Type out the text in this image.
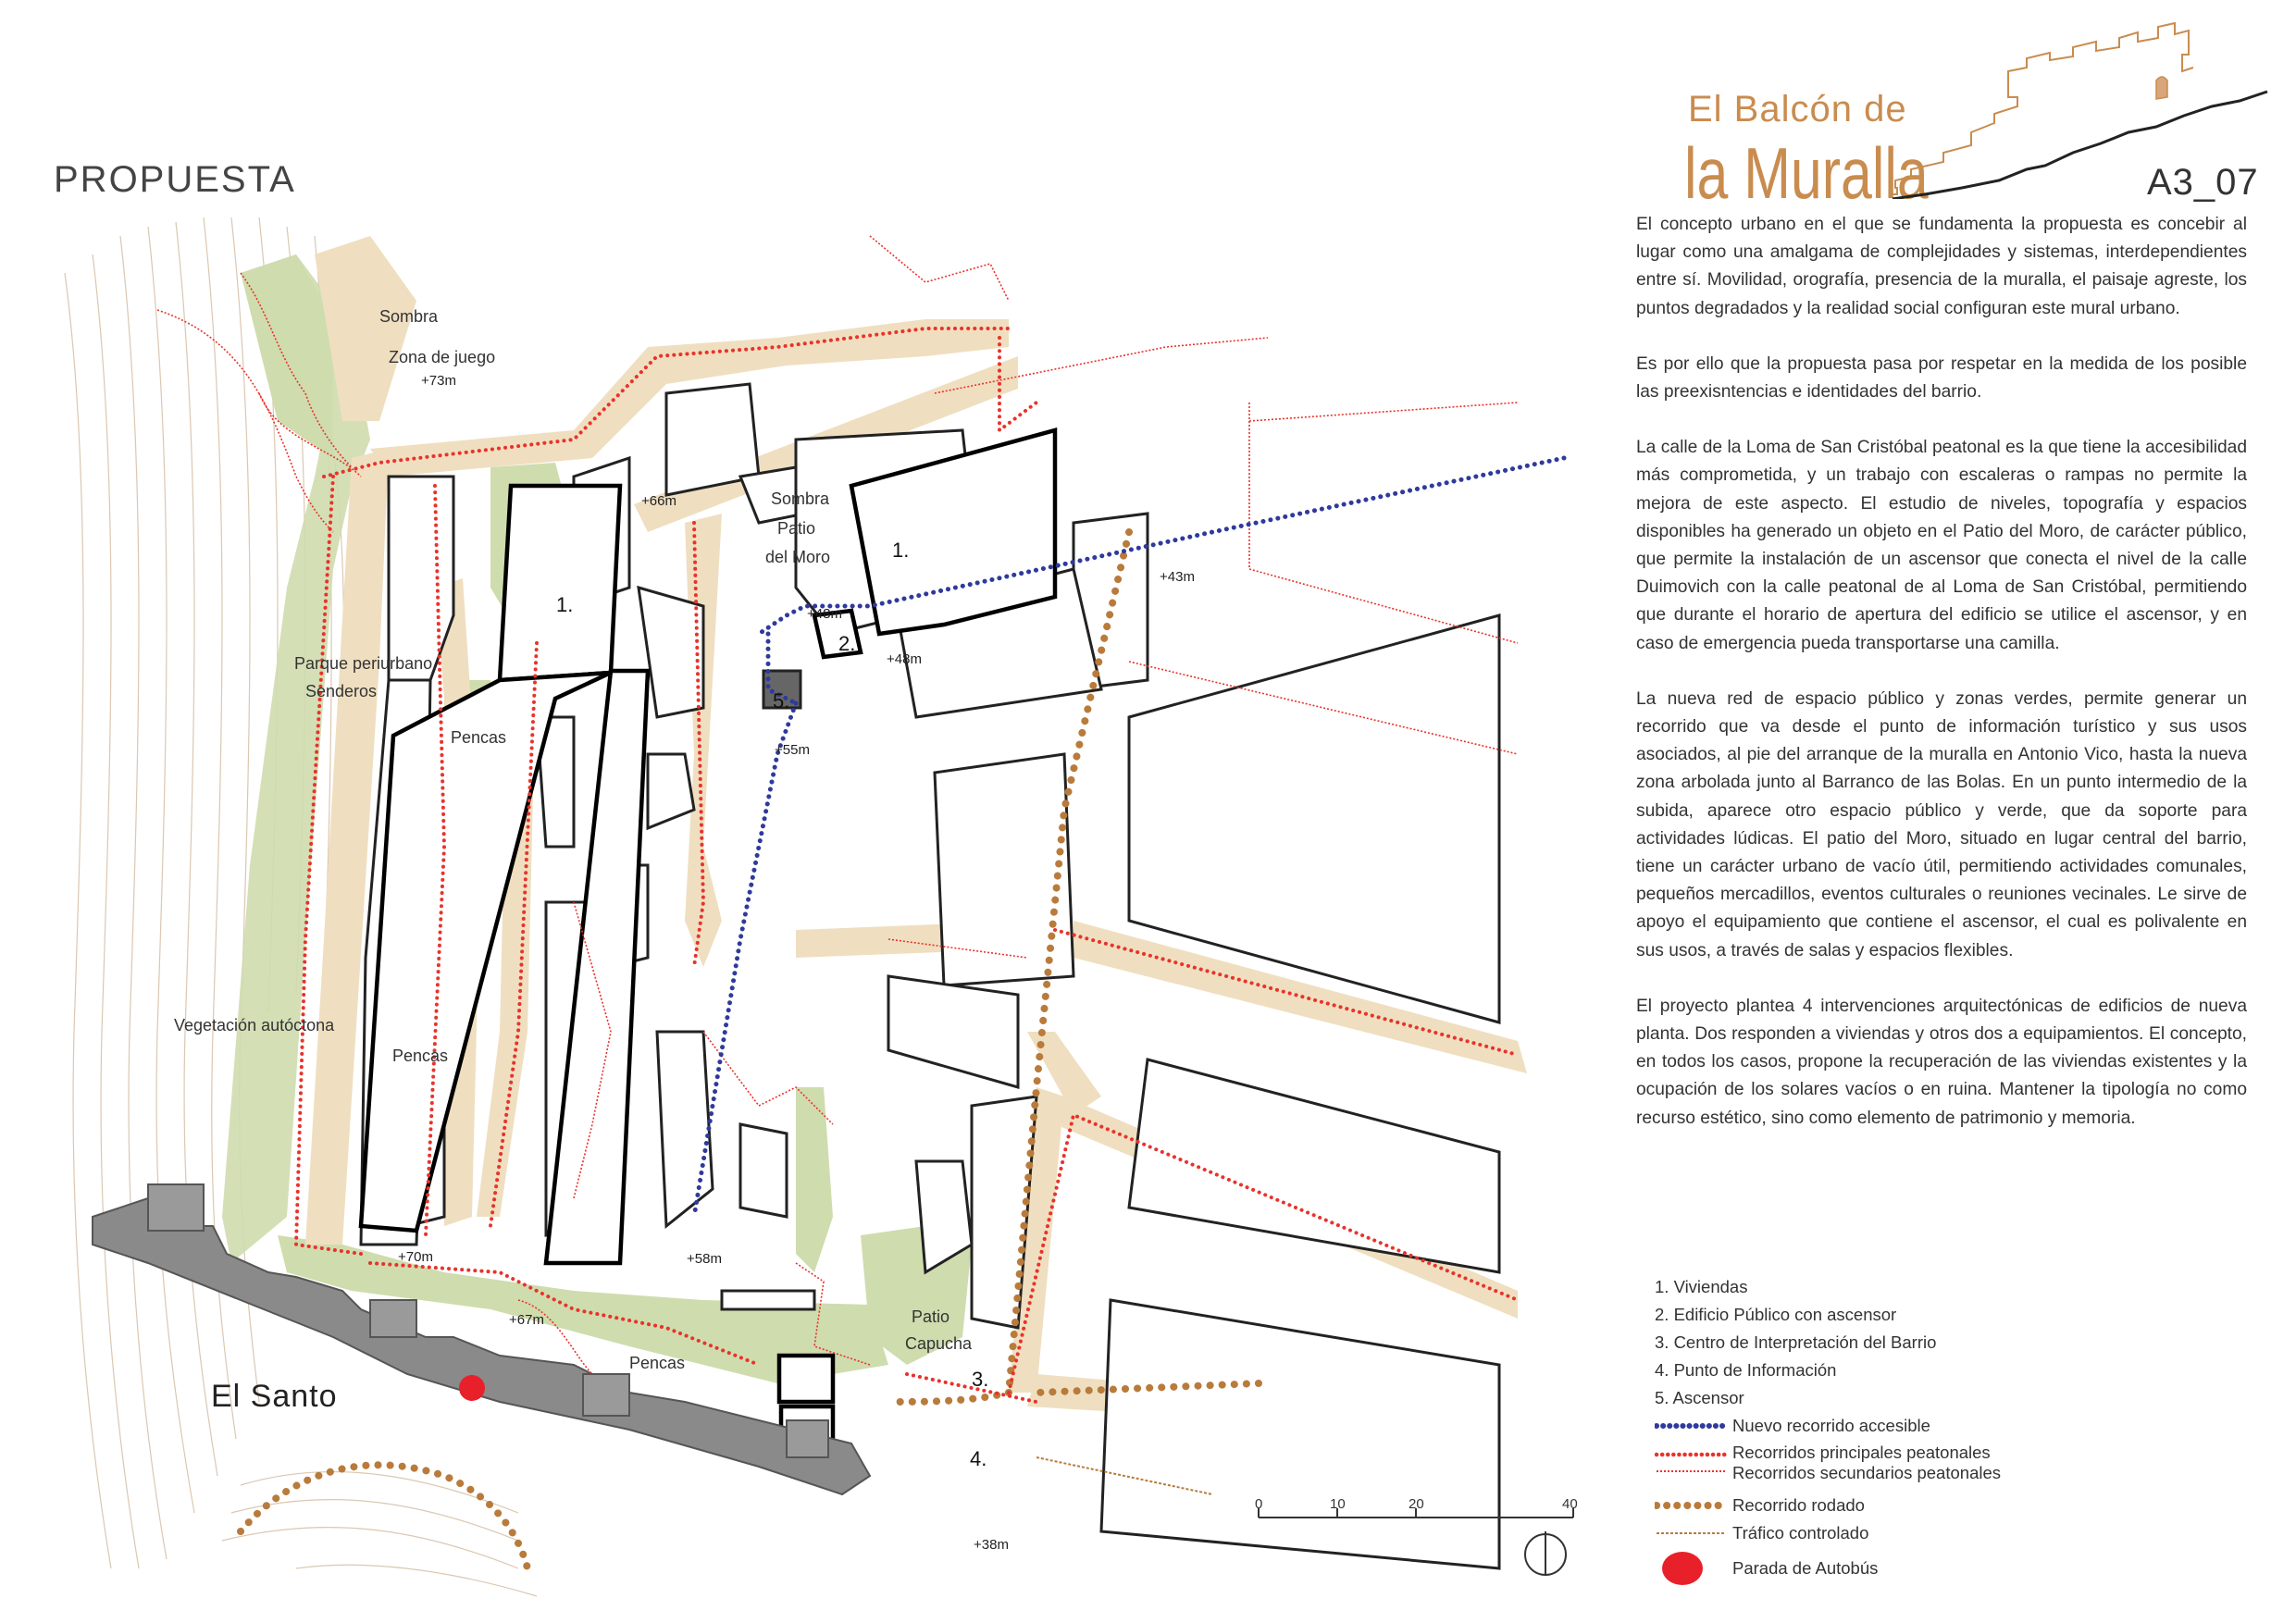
PROPUESTA	A3_07
El Balcón de
la Muralla

El concepto urbano en el que se fundamenta la propuesta es concebir al lugar como una amalgama de complejidades y sistemas, interdependientes entre sí. Movilidad, orografía, presencia de la muralla, el paisaje agreste, los puntos degradados y la realidad social configuran este mural urbano.

Es por ello que la propuesta pasa por respetar en la medida de los posible las preexisntencias e identidades del barrio.

La calle de la Loma de San Cristóbal peatonal es la que tiene la accesibilidad más comprometida, y un trabajo con escaleras o rampas no permite la mejora de este aspecto. El estudio de niveles, topografía y espacios disponibles ha generado un objeto en el Patio del Moro, de carácter público, que permite la instalación de un ascensor que conecta el nivel de la calle Duimovich con la calle peatonal de al Loma de San Cristóbal, permitiendo que durante el horario de apertura del edificio se utilice el ascensor, y en caso de emergencia pueda transportarse una camilla.

La nueva red de espacio público y zonas verdes, permite generar un recorrido que va desde el punto de información turístico y sus usos asociados, al pie del arranque de la muralla en Antonio Vico, hasta la nueva zona arbolada junto al Barranco de las Bolas. En un punto intermedio de la subida, aparece otro espacio público y verde, que da soporte para actividades lúdicas. El patio del Moro, situado en lugar central del barrio, tiene un carácter urbano de vacío útil, permitiendo actividades comunales, pequeños mercadillos, eventos culturales o reuniones vecinales. Le sirve de apoyo el equipamiento que contiene el ascensor, el cual es polivalente en sus usos, a través de salas y espacios flexibles.

El proyecto plantea 4 intervenciones arquitectónicas de edificios de nueva planta. Dos responden a viviendas y otros dos a equipamientos. El concepto, en todos los casos, propone la recuperación de las viviendas existentes y la ocupación de los solares vacíos o en ruina. Mantener la tipología no como recurso estético, sino como elemento de patrimonio y memoria.

1. Viviendas
2. Edificio Público con ascensor
3. Centro de Interpretación del Barrio
4. Punto de Información
5. Ascensor
Nuevo recorrido accesible
Recorridos principales peatonales
Recorridos secundarios peatonales
Recorrido rodado
Tráfico controlado
Parada de Autobús
Sombra
Zona de juego
Parque periurbano.
Senderos
Vegetación autóctona
Pencas
Pencas
Pencas
Sombra
Patio
del Moro
Patio
Capucha
El Santo
+73m
+66m
+48m
+48m
+43m
+55m
+70m
+67m
+58m
+38m
1.
1.
2.
3.
4.
5.
0	10	20	40
